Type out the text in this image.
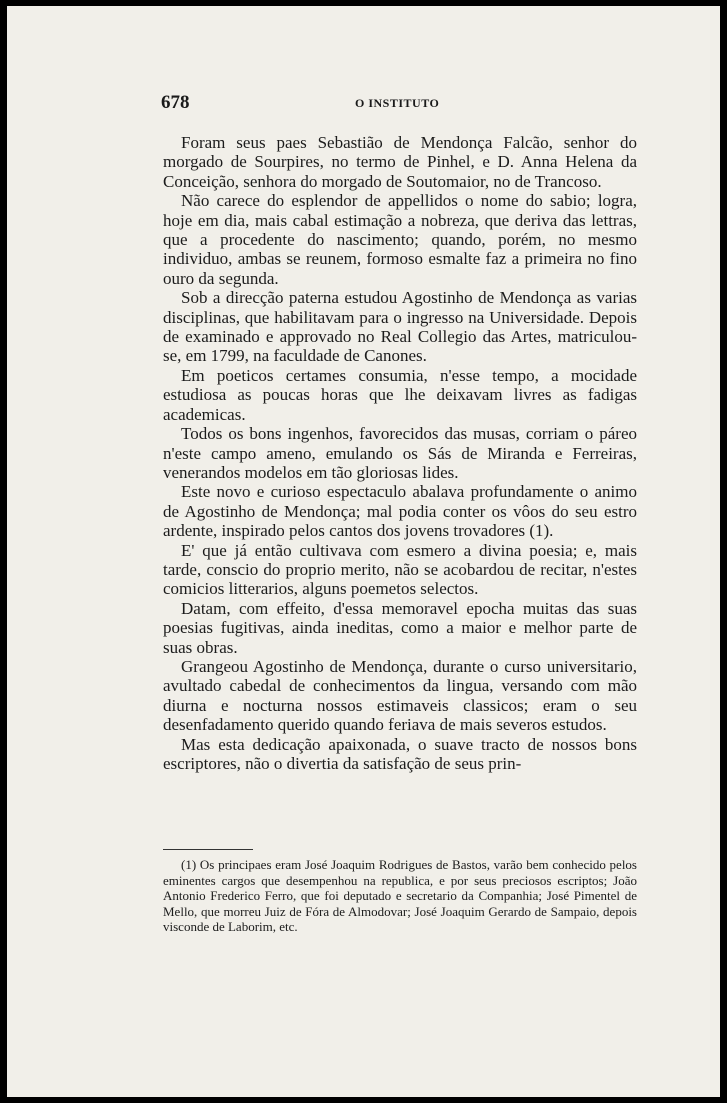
678	O INSTITUTO

Foram seus paes Sebastião de Mendonça Falcão, senhor do morgado de Sourpires, no termo de Pinhel, e D. Anna Helena da Conceição, senhora do morgado de Soutomaior, no de Trancoso.

Não carece do esplendor de appellidos o nome do sabio; logra, hoje em dia, mais cabal estimação a nobreza, que deriva das lettras, que a procedente do nascimento; quando, porém, no mesmo individuo, ambas se reunem, formoso esmalte faz a primeira no fino ouro da segunda.

Sob a direcção paterna estudou Agostinho de Mendonça as varias disciplinas, que habilitavam para o ingresso na Universidade. Depois de examinado e approvado no Real Collegio das Artes, matriculou-se, em 1799, na faculdade de Canones.

Em poeticos certames consumia, n'esse tempo, a mocidade estudiosa as poucas horas que lhe deixavam livres as fadigas academicas.

Todos os bons ingenhos, favorecidos das musas, corriam o páreo n'este campo ameno, emulando os Sás de Miranda e Ferreiras, venerandos modelos em tão gloriosas lides.

Este novo e curioso espectaculo abalava profundamente o animo de Agostinho de Mendonça; mal podia conter os vôos do seu estro ardente, inspirado pelos cantos dos jovens trovadores (1).

E' que já então cultivava com esmero a divina poesia; e, mais tarde, conscio do proprio merito, não se acobardou de recitar, n'estes comicios litterarios, alguns poemetos selectos.

Datam, com effeito, d'essa memoravel epocha muitas das suas poesias fugitivas, ainda ineditas, como a maior e melhor parte de suas obras.

Grangeou Agostinho de Mendonça, durante o curso universitario, avultado cabedal de conhecimentos da lingua, versando com mão diurna e nocturna nossos estimaveis classicos; eram o seu desenfadamento querido quando feriava de mais severos estudos.

Mas esta dedicação apaixonada, o suave tracto de nossos bons escriptores, não o divertia da satisfação de seus prin-

(1) Os principaes eram José Joaquim Rodrigues de Bastos, varão bem conhecido pelos eminentes cargos que desempenhou na republica, e por seus preciosos escriptos; João Antonio Frederico Ferro, que foi deputado e secretario da Companhia; José Pimentel de Mello, que morreu Juiz de Fóra de Almodovar; José Joaquim Gerardo de Sampaio, depois visconde de Laborim, etc.
